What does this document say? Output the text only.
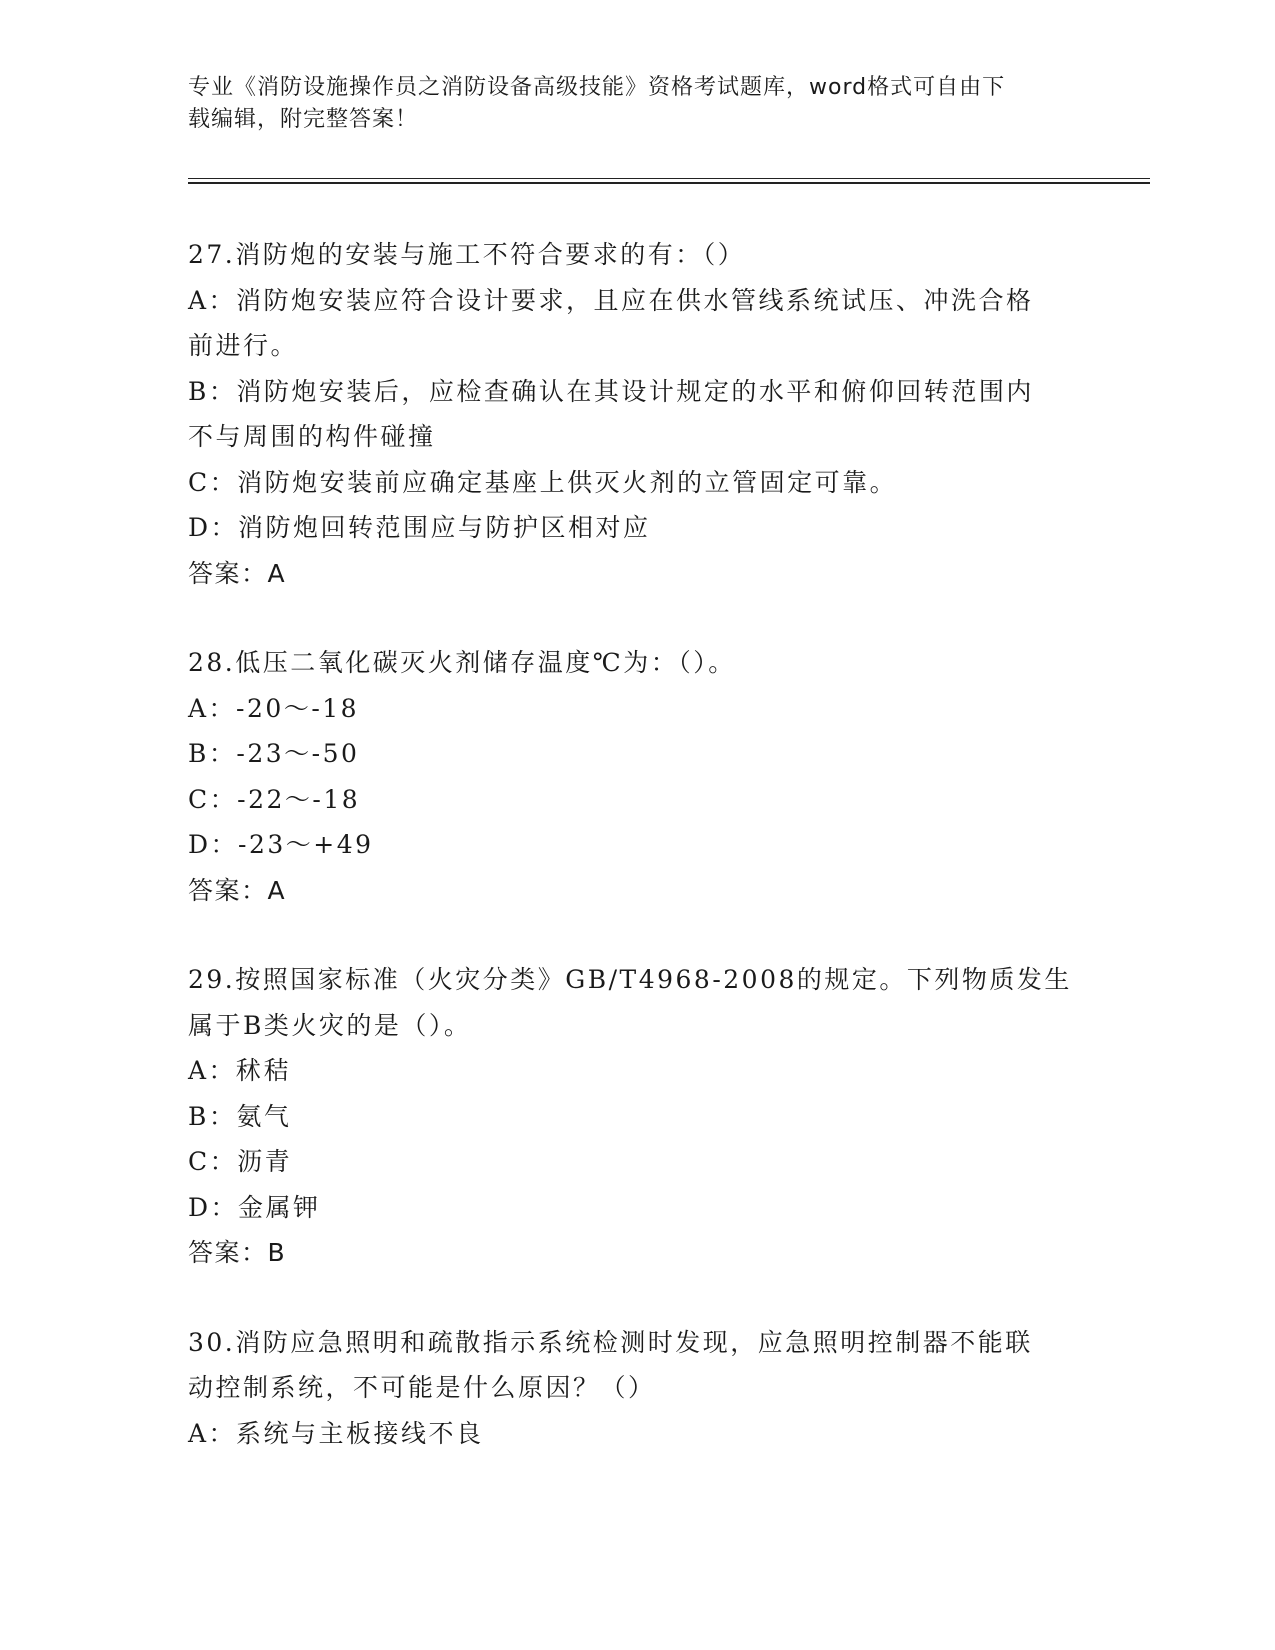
专业《消防设施操作员之消防设备高级技能》资格考试题库，word格式可自由下
载编辑，附完整答案！
27.消防炮的安装与施工不符合要求的有：（）
A：消防炮安装应符合设计要求，且应在供水管线系统试压、冲洗合格
前进行。
B：消防炮安装后，应检查确认在其设计规定的水平和俯仰回转范围内
不与周围的构件碰撞
C：消防炮安装前应确定基座上供灭火剂的立管固定可靠。
D：消防炮回转范围应与防护区相对应
答案：A
28.低压二氧化碳灭火剂储存温度℃为：（）。
A：-20～-18
B：-23～-50
C：-22～-18
D：-23～+49
答案：A
29.按照国家标准（火灾分类》GB/T4968-2008的规定。下列物质发生
属于B类火灾的是（）。
A：秫秸
B：氨气
C：沥青
D：金属钾
答案：B
30.消防应急照明和疏散指示系统检测时发现，应急照明控制器不能联
动控制系统，不可能是什么原因？（）
A：系统与主板接线不良
